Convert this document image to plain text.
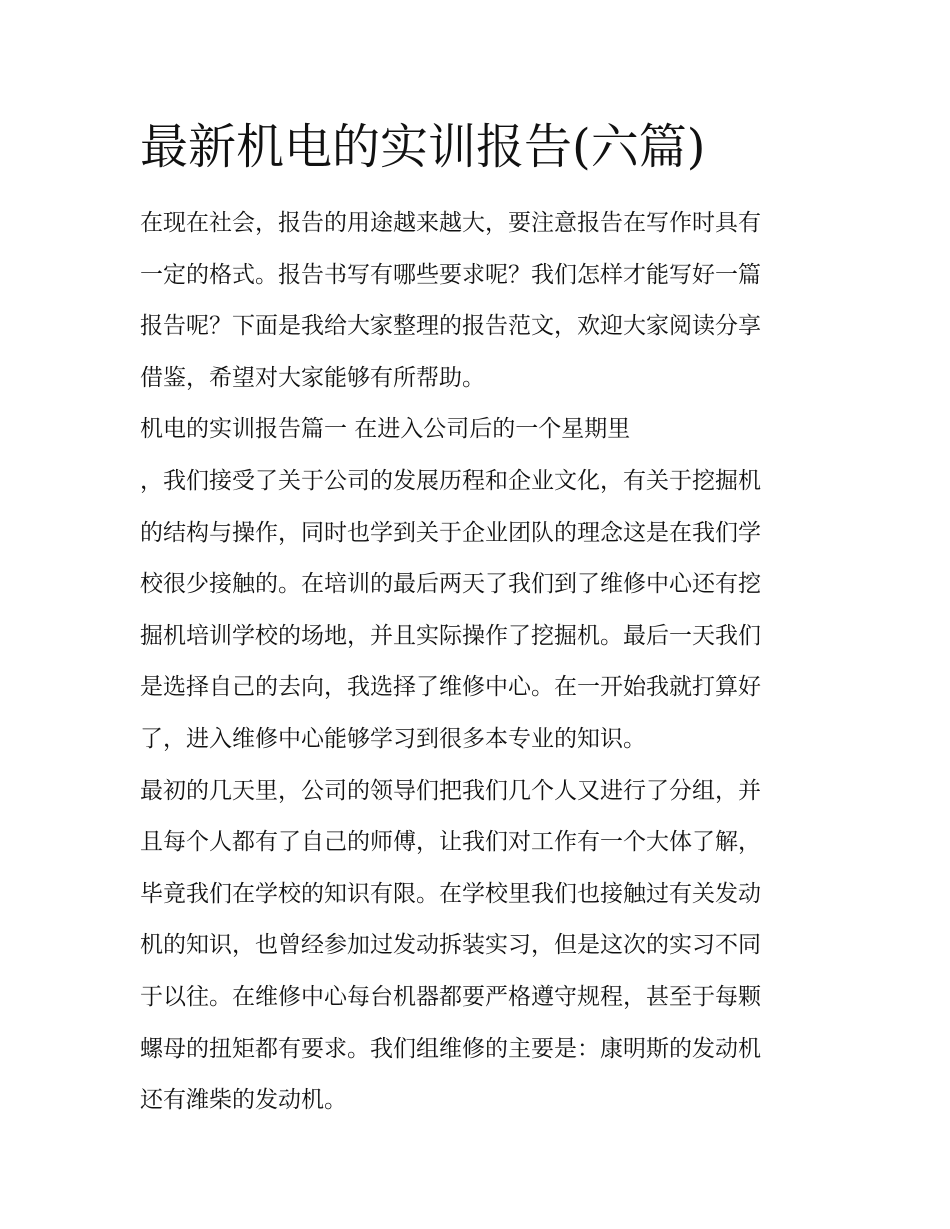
最新机电的实训报告(六篇)

在现在社会，报告的用途越来越大，要注意报告在写作时具有

一定的格式。报告书写有哪些要求呢？我们怎样才能写好一篇

报告呢？下面是我给大家整理的报告范文，欢迎大家阅读分享

借鉴，希望对大家能够有所帮助。

机电的实训报告篇一 在进入公司后的一个星期里

，我们接受了关于公司的发展历程和企业文化，有关于挖掘机

的结构与操作，同时也学到关于企业团队的理念这是在我们学

校很少接触的。在培训的最后两天了我们到了维修中心还有挖

掘机培训学校的场地，并且实际操作了挖掘机。最后一天我们

是选择自己的去向，我选择了维修中心。在一开始我就打算好

了，进入维修中心能够学习到很多本专业的知识。

最初的几天里，公司的领导们把我们几个人又进行了分组，并

且每个人都有了自己的师傅，让我们对工作有一个大体了解，

毕竟我们在学校的知识有限。在学校里我们也接触过有关发动

机的知识，也曾经参加过发动拆装实习，但是这次的实习不同

于以往。在维修中心每台机器都要严格遵守规程，甚至于每颗

螺母的扭矩都有要求。我们组维修的主要是：康明斯的发动机

还有潍柴的发动机。
